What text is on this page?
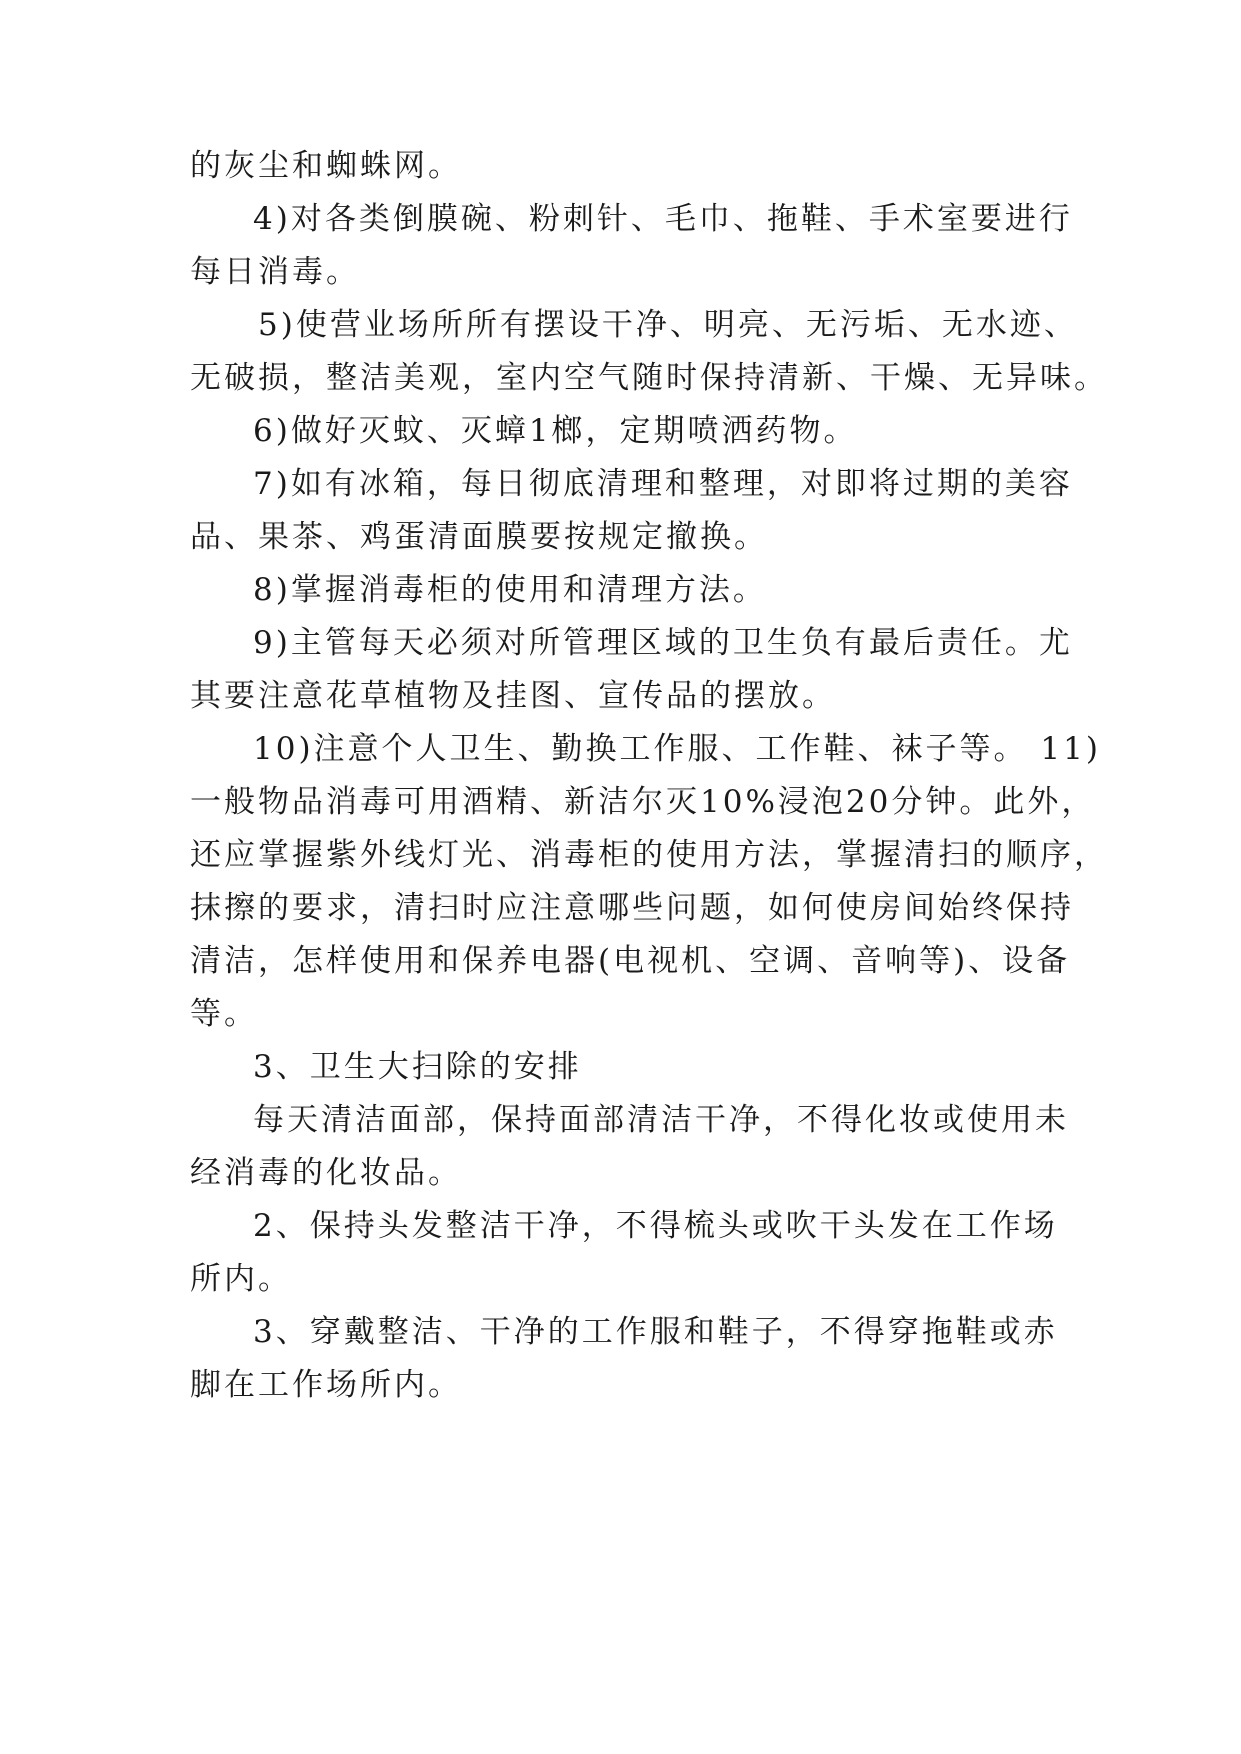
的灰尘和蜘蛛网。
4)对各类倒膜碗、粉刺针、毛巾、拖鞋、手术室要进行
每日消毒。
5)使营业场所所有摆设干净、明亮、无污垢、无水迹、
无破损，整洁美观，室内空气随时保持清新、干燥、无异味。
6)做好灭蚊、灭蟑1榔，定期喷洒药物。
7)如有冰箱，每日彻底清理和整理，对即将过期的美容
品、果茶、鸡蛋清面膜要按规定撤换。
8)掌握消毒柜的使用和清理方法。
9)主管每天必须对所管理区域的卫生负有最后责任。尤
其要注意花草植物及挂图、宣传品的摆放。
10)注意个人卫生、勤换工作服、工作鞋、袜子等。 11)
一般物品消毒可用酒精、新洁尔灭10%浸泡20分钟。此外，
还应掌握紫外线灯光、消毒柜的使用方法，掌握清扫的顺序，
抹擦的要求，清扫时应注意哪些问题，如何使房间始终保持
清洁，怎样使用和保养电器(电视机、空调、音响等)、设备
等。
3、卫生大扫除的安排
每天清洁面部，保持面部清洁干净，不得化妆或使用未
经消毒的化妆品。
2、保持头发整洁干净，不得梳头或吹干头发在工作场
所内。
3、穿戴整洁、干净的工作服和鞋子，不得穿拖鞋或赤
脚在工作场所内。
